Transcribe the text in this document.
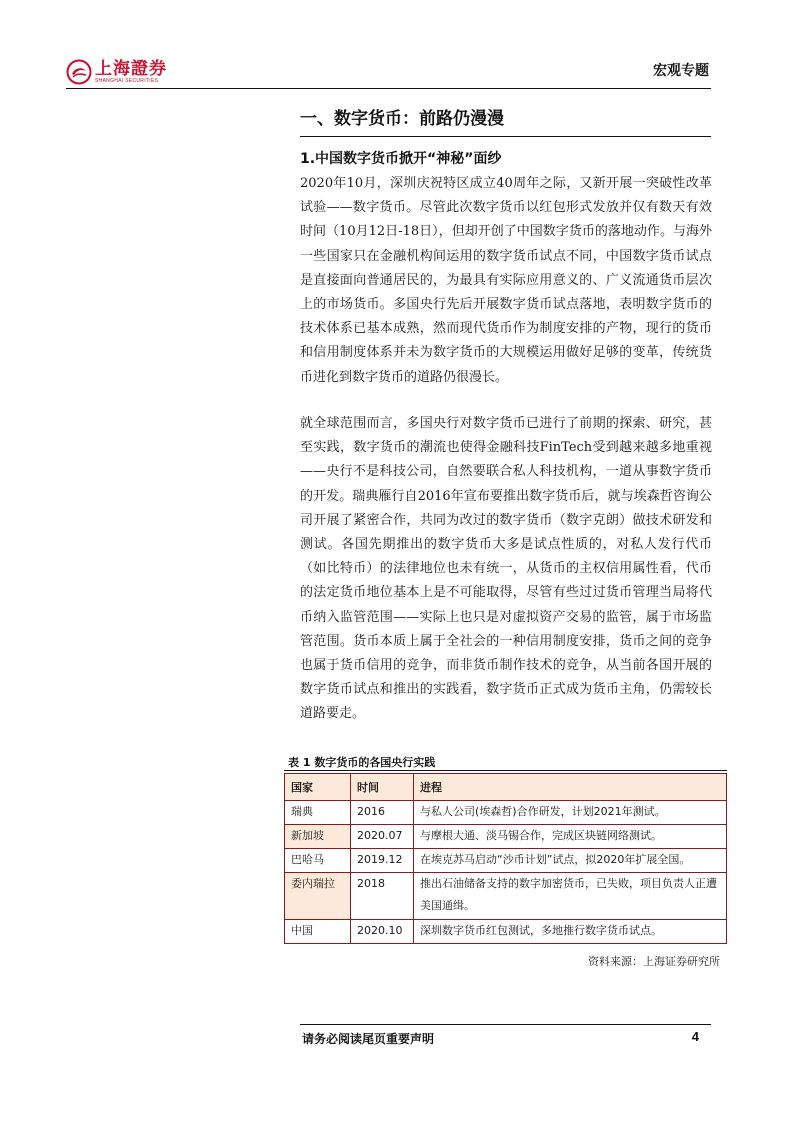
上海證券
SHANGHAI SECURITIES
宏观专题
一、数字货币：前路仍漫漫
1.中国数字货币掀开“神秘”面纱

2020年10月，深圳庆祝特区成立40周年之际，又新开展一突破性改革试验——数字货币。尽管此次数字货币以红包形式发放并仅有数天有效时间（10月12日-18日），但却开创了中国数字货币的落地动作。与海外一些国家只在金融机构间运用的数字货币试点不同，中国数字货币试点是直接面向普通居民的，为最具有实际应用意义的、广义流通货币层次上的市场货币。多国央行先后开展数字货币试点落地，表明数字货币的技术体系已基本成熟，然而现代货币作为制度安排的产物，现行的货币和信用制度体系并未为数字货币的大规模运用做好足够的变革，传统货币进化到数字货币的道路仍很漫长。

就全球范围而言，多国央行对数字货币已进行了前期的探索、研究，甚至实践，数字货币的潮流也使得金融科技FinTech受到越来越多地重视——央行不是科技公司，自然要联合私人科技机构，一道从事数字货币的开发。瑞典雁行自2016年宣布要推出数字货币后，就与埃森哲咨询公司开展了紧密合作，共同为改过的数字货币（数字克朗）做技术研发和测试。各国先期推出的数字货币大多是试点性质的，对私人发行代币（如比特币）的法律地位也未有统一，从货币的主权信用属性看，代币的法定货币地位基本上是不可能取得，尽管有些过过货币管理当局将代币纳入监管范围——实际上也只是对虚拟资产交易的监管，属于市场监管范围。货币本质上属于全社会的一种信用制度安排，货币之间的竞争也属于货币信用的竞争，而非货币制作技术的竞争，从当前各国开展的数字货币试点和推出的实践看，数字货币正式成为货币主角，仍需较长道路要走。

表 1 数字货币的各国央行实践
国家	时间	进程
瑞典	2016	与私人公司(埃森哲)合作研发，计划2021年测试。
新加坡	2020.07	与摩根大通、淡马锡合作，完成区块链网络测试。
巴哈马	2019.12	在埃克苏马启动“沙币计划”试点，拟2020年扩展全国。
委内瑞拉	2018	推出石油储备支持的数字加密货币，已失败，项目负责人正遭美国通缉。
中国	2020.10	深圳数字货币红包测试，多地推行数字货币试点。
资料来源：上海证券研究所
请务必阅读尾页重要声明	4
